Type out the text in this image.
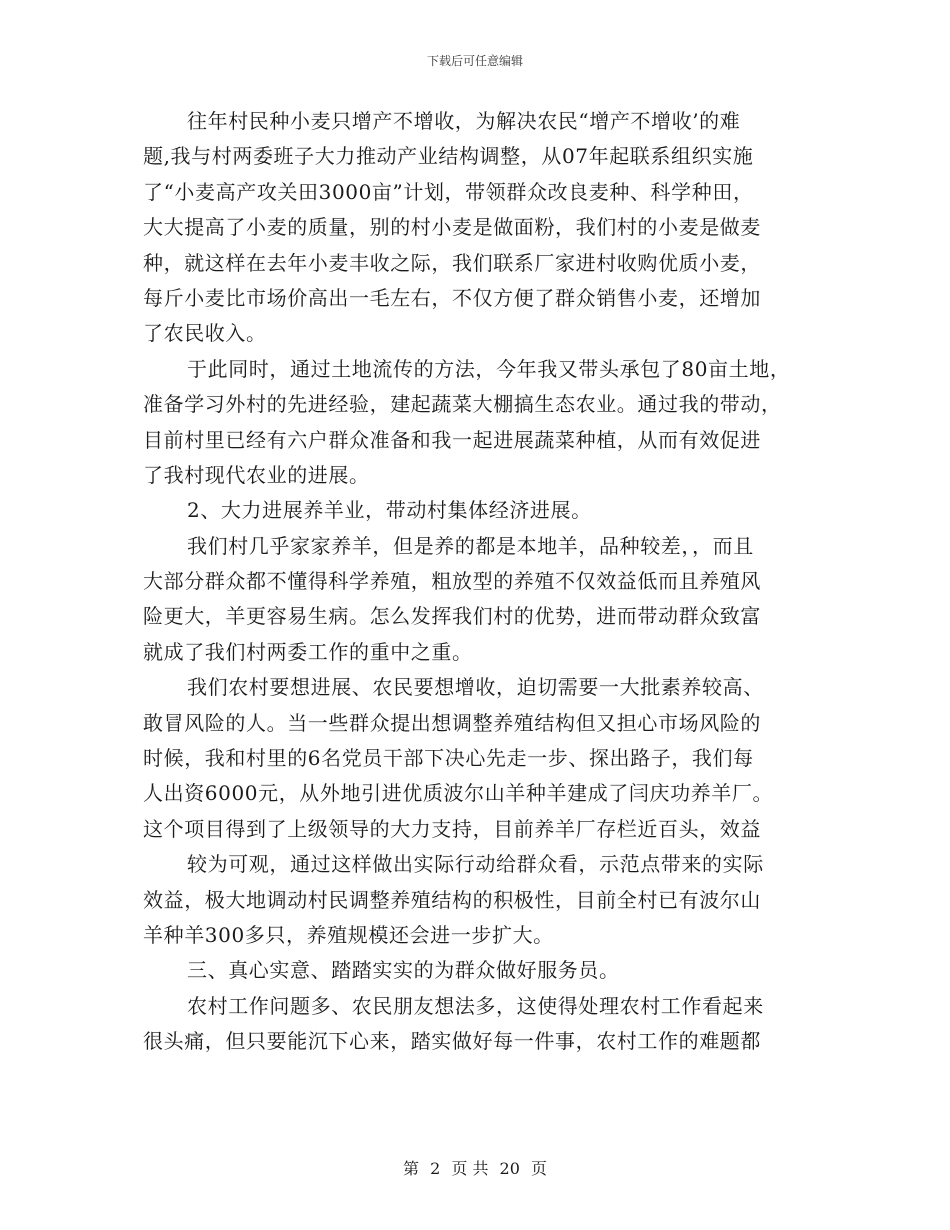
下载后可任意编辑

往年村民种小麦只增产不增收，为解决农民“增产不增收’的难

题,我与村两委班子大力推动产业结构调整，从07年起联系组织实施

了“小麦高产攻关田3000亩”计划，带领群众改良麦种、科学种田，

大大提高了小麦的质量，别的村小麦是做面粉，我们村的小麦是做麦

种，就这样在去年小麦丰收之际，我们联系厂家进村收购优质小麦，

每斤小麦比市场价高出一毛左右，不仅方便了群众销售小麦，还增加

了农民收入。

于此同时，通过土地流传的方法，今年我又带头承包了80亩土地，

准备学习外村的先进经验，建起蔬菜大棚搞生态农业。通过我的带动，

目前村里已经有六户群众准备和我一起进展蔬菜种植，从而有效促进

了我村现代农业的进展。

2、大力进展养羊业，带动村集体经济进展。

我们村几乎家家养羊，但是养的都是本地羊，品种较差，，而且

大部分群众都不懂得科学养殖，粗放型的养殖不仅效益低而且养殖风

险更大，羊更容易生病。怎么发挥我们村的优势，进而带动群众致富

就成了我们村两委工作的重中之重。

我们农村要想进展、农民要想增收，迫切需要一大批素养较高、

敢冒风险的人。当一些群众提出想调整养殖结构但又担心市场风险的

时候，我和村里的6名党员干部下决心先走一步、探出路子，我们每

人出资6000元，从外地引进优质波尔山羊种羊建成了闫庆功养羊厂。

这个项目得到了上级领导的大力支持，目前养羊厂存栏近百头，效益

较为可观，通过这样做出实际行动给群众看，示范点带来的实际

效益，极大地调动村民调整养殖结构的积极性，目前全村已有波尔山

羊种羊300多只，养殖规模还会进一步扩大。

三、真心实意、踏踏实实的为群众做好服务员。

农村工作问题多、农民朋友想法多，这使得处理农村工作看起来

很头痛，但只要能沉下心来，踏实做好每一件事，农村工作的难题都

第 2 页 共 20 页
